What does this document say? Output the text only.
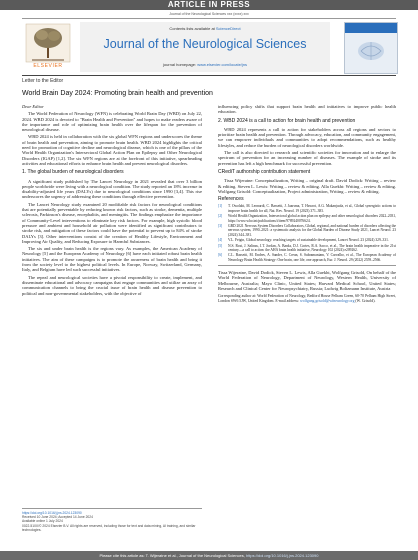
ARTICLE IN PRESS
Journal of the Neurological Sciences xxx (xxxx) xxx
ELSEVIER
Contents lists available at ScienceDirect
Journal of the Neurological Sciences
journal homepage: www.elsevier.com/locate/jns
Letter to the Editor
World Brain Day 2024: Promoting brain health and prevention

Dear Editor

The World Federation of Neurology (WFN) is celebrating World Brain Day (WBD) on July 22, 2024. WBD 2024 is devoted to "Brain Health and Prevention" and hopes to make readers aware of the importance and role of optimizing brain health over the lifespan for the prevention of neurological disease.

WBD 2024 is held in collaboration with the six global WFN regions and underscores the theme of brain health and prevention, aiming to promote brain health. WBD 2024 highlights the critical need for promotion of cognitive decline and neurological disease, which is one of the pillars of the World Health Organization's Intersectoral Global Action Plan on Epilepsy and Other Neurological Disorders (IGAP) [1,2]. The six WFN regions are at the forefront of this initiative, spearheading activities and educational efforts to enhance brain health and prevent neurological disorders.

1. The global burden of neurological disorders

A significant study published by The Lancet Neurology in 2021 revealed that over 3 billion people worldwide were living with a neurological condition. The study reported an 18% increase in disability-adjusted life years (DALYs) due to neurological conditions since 1990 [3,4]. This rise underscores the urgency of addressing these conditions through effective prevention.

The Lancet Neurology study examined 20 modifiable risk factors for neurological conditions that are potentially preventable by reducing known risk factors, such as stroke, dementia, multiple sclerosis, Parkinson's disease, encephalitis, and meningitis. The findings emphasize the importance of Community-Level interventions to eliminate key risk factors. For example, high systolic blood pressure and ambient and household air pollution were identified as significant contributors to stroke risk, and mitigation of these factors could have the potential to prevent up to 84% of stroke DALYs [3]. Other interventions consist of the creation of Healthy Lifestyle, Environment and Improving Air Quality, and Reducing Exposure to Harmful Substances.

The six and under brain health is the regions vary. As examples, the American Academy of Neurology [5] and the European Academy of Neurology [6] have each initiated robust brain health initiatives. The aim of these campaigns is to promote the awareness of brain health and bring it from the society level to the highest political levels. In Europe, Norway, Switzerland, Germany, Italy, and Belgium have led such successful initiatives.

The repeal and neurological societies have a pivotal responsibility to create, implement, and disseminate educational and advocacy campaigns that engage communities and utilize an array of communication channels to bring the crucial issue of brain health and disease prevention to political and non-governmental stakeholders, with the objective of

https://doi.org/10.1016/j.jns.2024.123090
Received 10 June 2024; Accepted 14 June 2024
Available online 1 July 2024
0022-510X/© 2024 Elsevier B.V. All rights are reserved, including those for text and data mining, AI training, and similar technologies.

influencing policy shifts that support brain health and initiatives to improve public health education.

2. WBD 2024 is a call to action for brain health and prevention

WBD 2024 represents a call to action for stakeholders across all regions and sectors to prioritize brain health and prevention. Through advocacy, education, and community engagement, we can empower individuals and communities to adopt recommendations, such as healthy lifestyles, and reduce the burden of neurological disorders worldwide.

The call is also directed to research and scientific societies for innovation and to enlarge the spectrum of prevention for an increasing number of diseases. The example of stroke and its prevention has left a high benchmark for successful prevention.

CRediT authorship contribution statement

Tissa Wijeratne: Conceptualization, Writing – original draft. David Dodick: Writing – review & editing. Steven L. Lewis: Writing – review & editing. Alla Guekht: Writing – review & editing. Wolfgang Grisold: Conceptualization, Project administration, Writing – review & editing.

References
[1] T. Owolabi, M. Leonardi, C. Bassetti, J. Jaarsma, T. Hawrot, A.G. Makanjuola, et al., Global synergistic actions to improve brain health for all, Nat. Rev. Neurol. 19 (2023) 371–383.
[2] World Health Organization, Intersectoral global action plan on epilepsy and other neurological disorders 2022–2031, https://www.who.int/publications/i/item/9789240076624.
[3] GBD 2021 Nervous System Disorders Collaborators, Global, regional, and national burden of disorders affecting the nervous system, 1990–2021: a systematic analysis for the Global Burden of Disease Study 2021, Lancet Neurol. 23 (2024) 344–381.
[4] V.L. Feigin, Global neurology: reaching targets of sustainable development, Lancet Neurol. 23 (2024) 329–331.
[5] N.S. Rost, J. Salinas, J.T. Jordan, A. Banks, D.J. Cortes, R.A. Sacco, et al., The brain health imperative in the 21st century—a call to action: the AHA brain health initiative, Neurology 102 (2024) e209262.
[6] C.L. Bassetti, M. Endres, A. Sander, C. Crean, S. Subramaniam, V. Carvalho, et al., The European Academy of Neurology Brain Health Strategy: One brain, one life, one approach, Eur. J. Neurol. 29 (2022) 2559–2566.
Tissa Wijeratne, David Dodick, Steven L. Lewis, Alla Guekht, Wolfgang Grisold, On behalf of the World Federation of Neurology, Department of Neurology, Western Health, University of Melbourne, Australia; Mayo Clinic, United States; Harvard Medical School, United States; Research and Clinical Center for Neuropsychiatry, Russia; Ludwig Boltzmann Institute, Austria
Corresponding author at: World Federation of Neurology, Bedford House Pelham Green, 60-70 Pelham High Street, London SW6 5JW, United Kingdom. E-mail address: wolfgang.grisold@wfneurology.org (W. Grisold).
Please cite this article as: T. Wijeratne et al., Journal of the Neurological Sciences, https://doi.org/10.1016/j.jns.2024.123090
